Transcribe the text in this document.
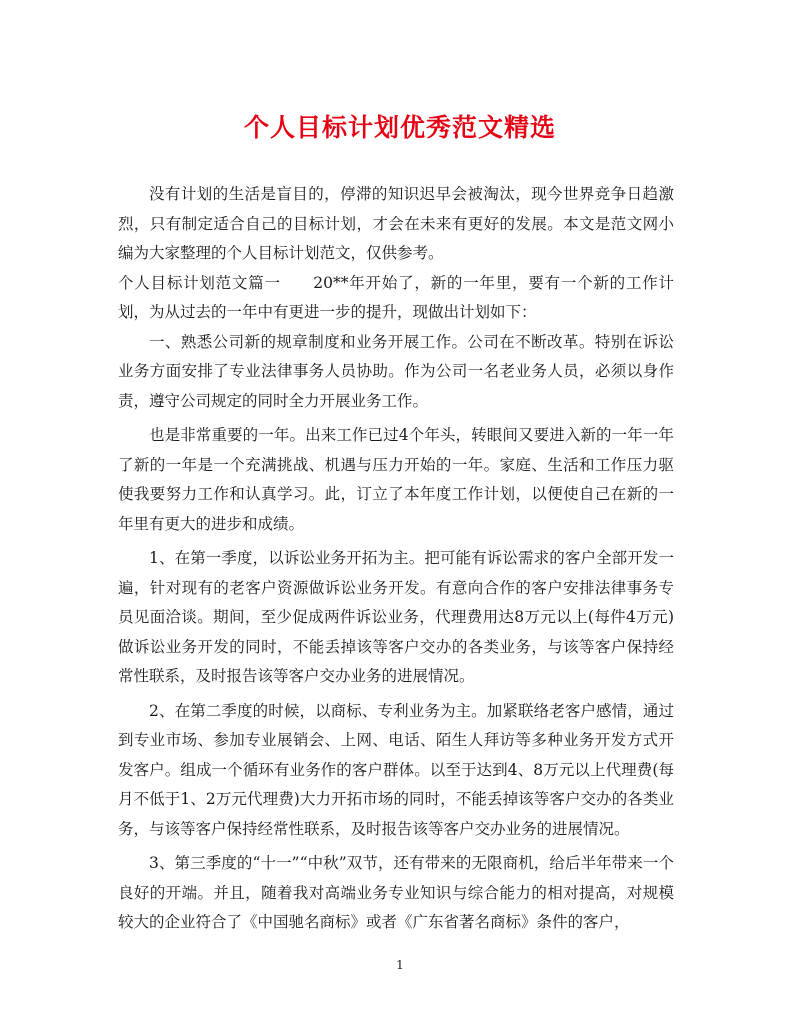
个人目标计划优秀范文精选

没有计划的生活是盲目的，停滞的知识迟早会被淘汰，现今世界竞争日趋激烈，只有制定适合自己的目标计划，才会在未来有更好的发展。本文是范文网小编为大家整理的个人目标计划范文，仅供参考。

个人目标计划范文篇一　　20**年开始了，新的一年里，要有一个新的工作计划，为从过去的一年中有更进一步的提升，现做出计划如下：

一、熟悉公司新的规章制度和业务开展工作。公司在不断改革。特别在诉讼业务方面安排了专业法律事务人员协助。作为公司一名老业务人员，必须以身作责，遵守公司规定的同时全力开展业务工作。

也是非常重要的一年。出来工作已过4个年头，转眼间又要进入新的一年一年了新的一年是一个充满挑战、机遇与压力开始的一年。家庭、生活和工作压力驱使我要努力工作和认真学习。此，订立了本年度工作计划，以便使自己在新的一年里有更大的进步和成绩。

1、在第一季度，以诉讼业务开拓为主。把可能有诉讼需求的客户全部开发一遍，针对现有的老客户资源做诉讼业务开发。有意向合作的客户安排法律事务专员见面洽谈。期间，至少促成两件诉讼业务，代理费用达8万元以上(每件4万元)做诉讼业务开发的同时，不能丢掉该等客户交办的各类业务，与该等客户保持经常性联系，及时报告该等客户交办业务的进展情况。

2、在第二季度的时候，以商标、专利业务为主。加紧联络老客户感情，通过到专业市场、参加专业展销会、上网、电话、陌生人拜访等多种业务开发方式开发客户。组成一个循环有业务作的客户群体。以至于达到4、8万元以上代理费(每月不低于1、2万元代理费)大力开拓市场的同时，不能丢掉该等客户交办的各类业务，与该等客户保持经常性联系，及时报告该等客户交办业务的进展情况。

3、第三季度的“十一”“中秋”双节，还有带来的无限商机，给后半年带来一个良好的开端。并且，随着我对高端业务专业知识与综合能力的相对提高，对规模较大的企业符合了《中国驰名商标》或者《广东省著名商标》条件的客户，

1
